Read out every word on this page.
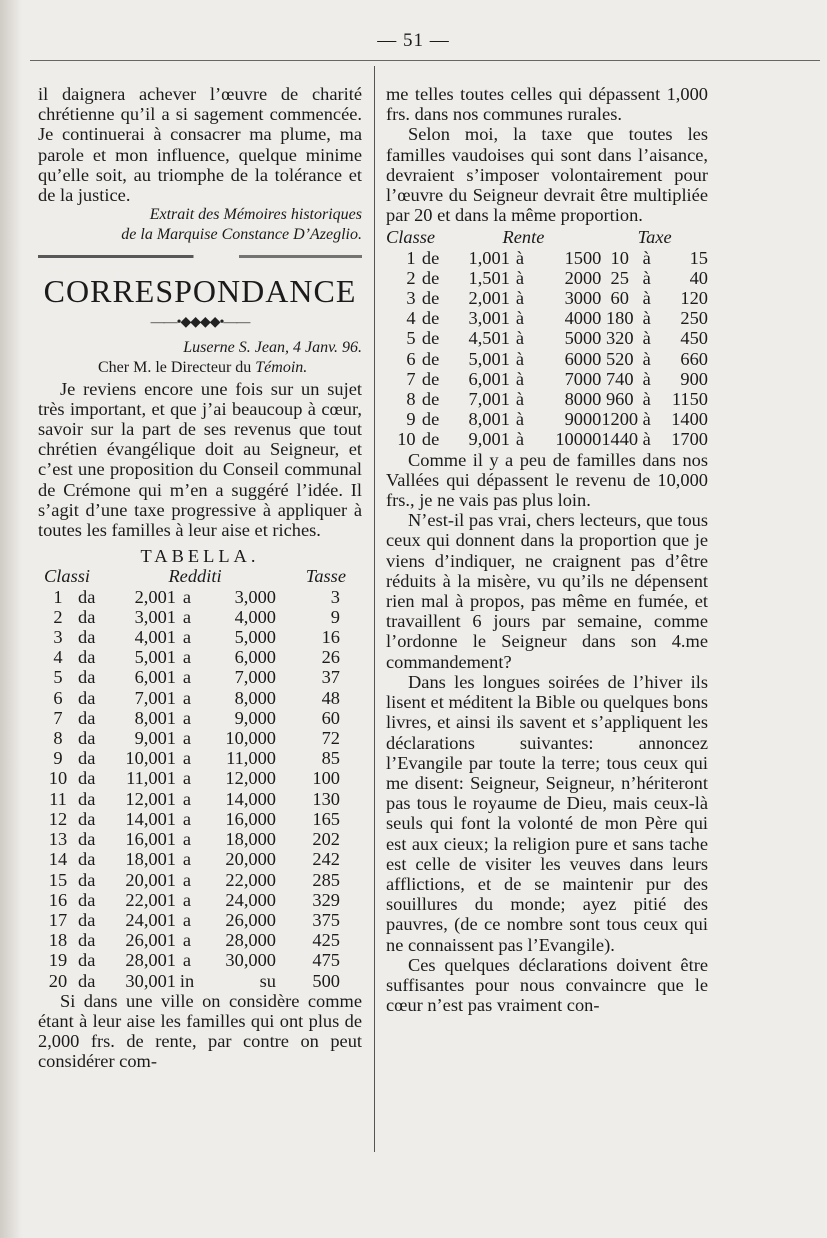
— 51 —

il daignera achever l’œuvre de charité chrétienne qu’il a si sagement commencée. Je continuerai à consacrer ma plume, ma parole et mon influence, quelque minime qu’elle soit, au triomphe de la tolérance et de la justice.

Extrait des Mémoires historiques
de la Marquise Constance D’Azeglio.
CORRESPONDANCE
——•◆◆◆◆•——
Luserne S. Jean, 4 Janv. 96.
Cher M. le Directeur du Témoin.

Je reviens encore une fois sur un sujet très important, et que j’ai beaucoup à cœur, savoir sur la part de ses revenus que tout chrétien évangélique doit au Seigneur, et c’est une proposition du Conseil communal de Crémone qui m’en a suggéré l’idée. Il s’agit d’une taxe progressive à appliquer à toutes les familles à leur aise et riches.

TABELLA.
Classi		Redditi			Tasse
1	da	2,001	a	3,000	3
2	da	3,001	a	4,000	9
3	da	4,001	a	5,000	16
4	da	5,001	a	6,000	26
5	da	6,001	a	7,000	37
6	da	7,001	a	8,000	48
7	da	8,001	a	9,000	60
8	da	9,001	a	10,000	72
9	da	10,001	a	11,000	85
10	da	11,001	a	12,000	100
11	da	12,001	a	14,000	130
12	da	14,001	a	16,000	165
13	da	16,001	a	18,000	202
14	da	18,001	a	20,000	242
15	da	20,001	a	22,000	285
16	da	22,001	a	24,000	329
17	da	24,001	a	26,000	375
18	da	26,001	a	28,000	425
19	da	28,001	a	30,000	475
20	da	30,001	in	su	500

Si dans une ville on considère comme étant à leur aise les familles qui ont plus de 2,000 frs. de rente, par contre on peut considérer com-

me telles toutes celles qui dépassent 1,000 frs. dans nos communes rurales.

Selon moi, la taxe que toutes les familles vaudoises qui sont dans l’aisance, devraient s’imposer volontairement pour l’œuvre du Seigneur devrait être multipliée par 20 et dans la même proportion.

Classe		Rente			Taxe		
1	de	1,001	à	1500	10	à	15
2	de	1,501	à	2000	25	à	40
3	de	2,001	à	3000	60	à	120
4	de	3,001	à	4000	180	à	250
5	de	4,501	à	5000	320	à	450
6	de	5,001	à	6000	520	à	660
7	de	6,001	à	7000	740	à	900
8	de	7,001	à	8000	960	à	1150
9	de	8,001	à	9000	1200	à	1400
10	de	9,001	à	10000	1440	à	1700

Comme il y a peu de familles dans nos Vallées qui dépassent le revenu de 10,000 frs., je ne vais pas plus loin.

N’est-il pas vrai, chers lecteurs, que tous ceux qui donnent dans la proportion que je viens d’indiquer, ne craignent pas d’être réduits à la misère, vu qu’ils ne dépensent rien mal à propos, pas même en fumée, et travaillent 6 jours par semaine, comme l’ordonne le Seigneur dans son 4.me commandement?

Dans les longues soirées de l’hiver ils lisent et méditent la Bible ou quelques bons livres, et ainsi ils savent et s’appliquent les déclarations suivantes: annoncez l’Evangile par toute la terre; tous ceux qui me disent: Seigneur, Seigneur, n’hériteront pas tous le royaume de Dieu, mais ceux-là seuls qui font la volonté de mon Père qui est aux cieux; la religion pure et sans tache est celle de visiter les veuves dans leurs afflictions, et de se maintenir pur des souillures du monde; ayez pitié des pauvres, (de ce nombre sont tous ceux qui ne connaissent pas l’Evangile).

Ces quelques déclarations doivent être suffisantes pour nous convaincre que le cœur n’est pas vraiment con-
